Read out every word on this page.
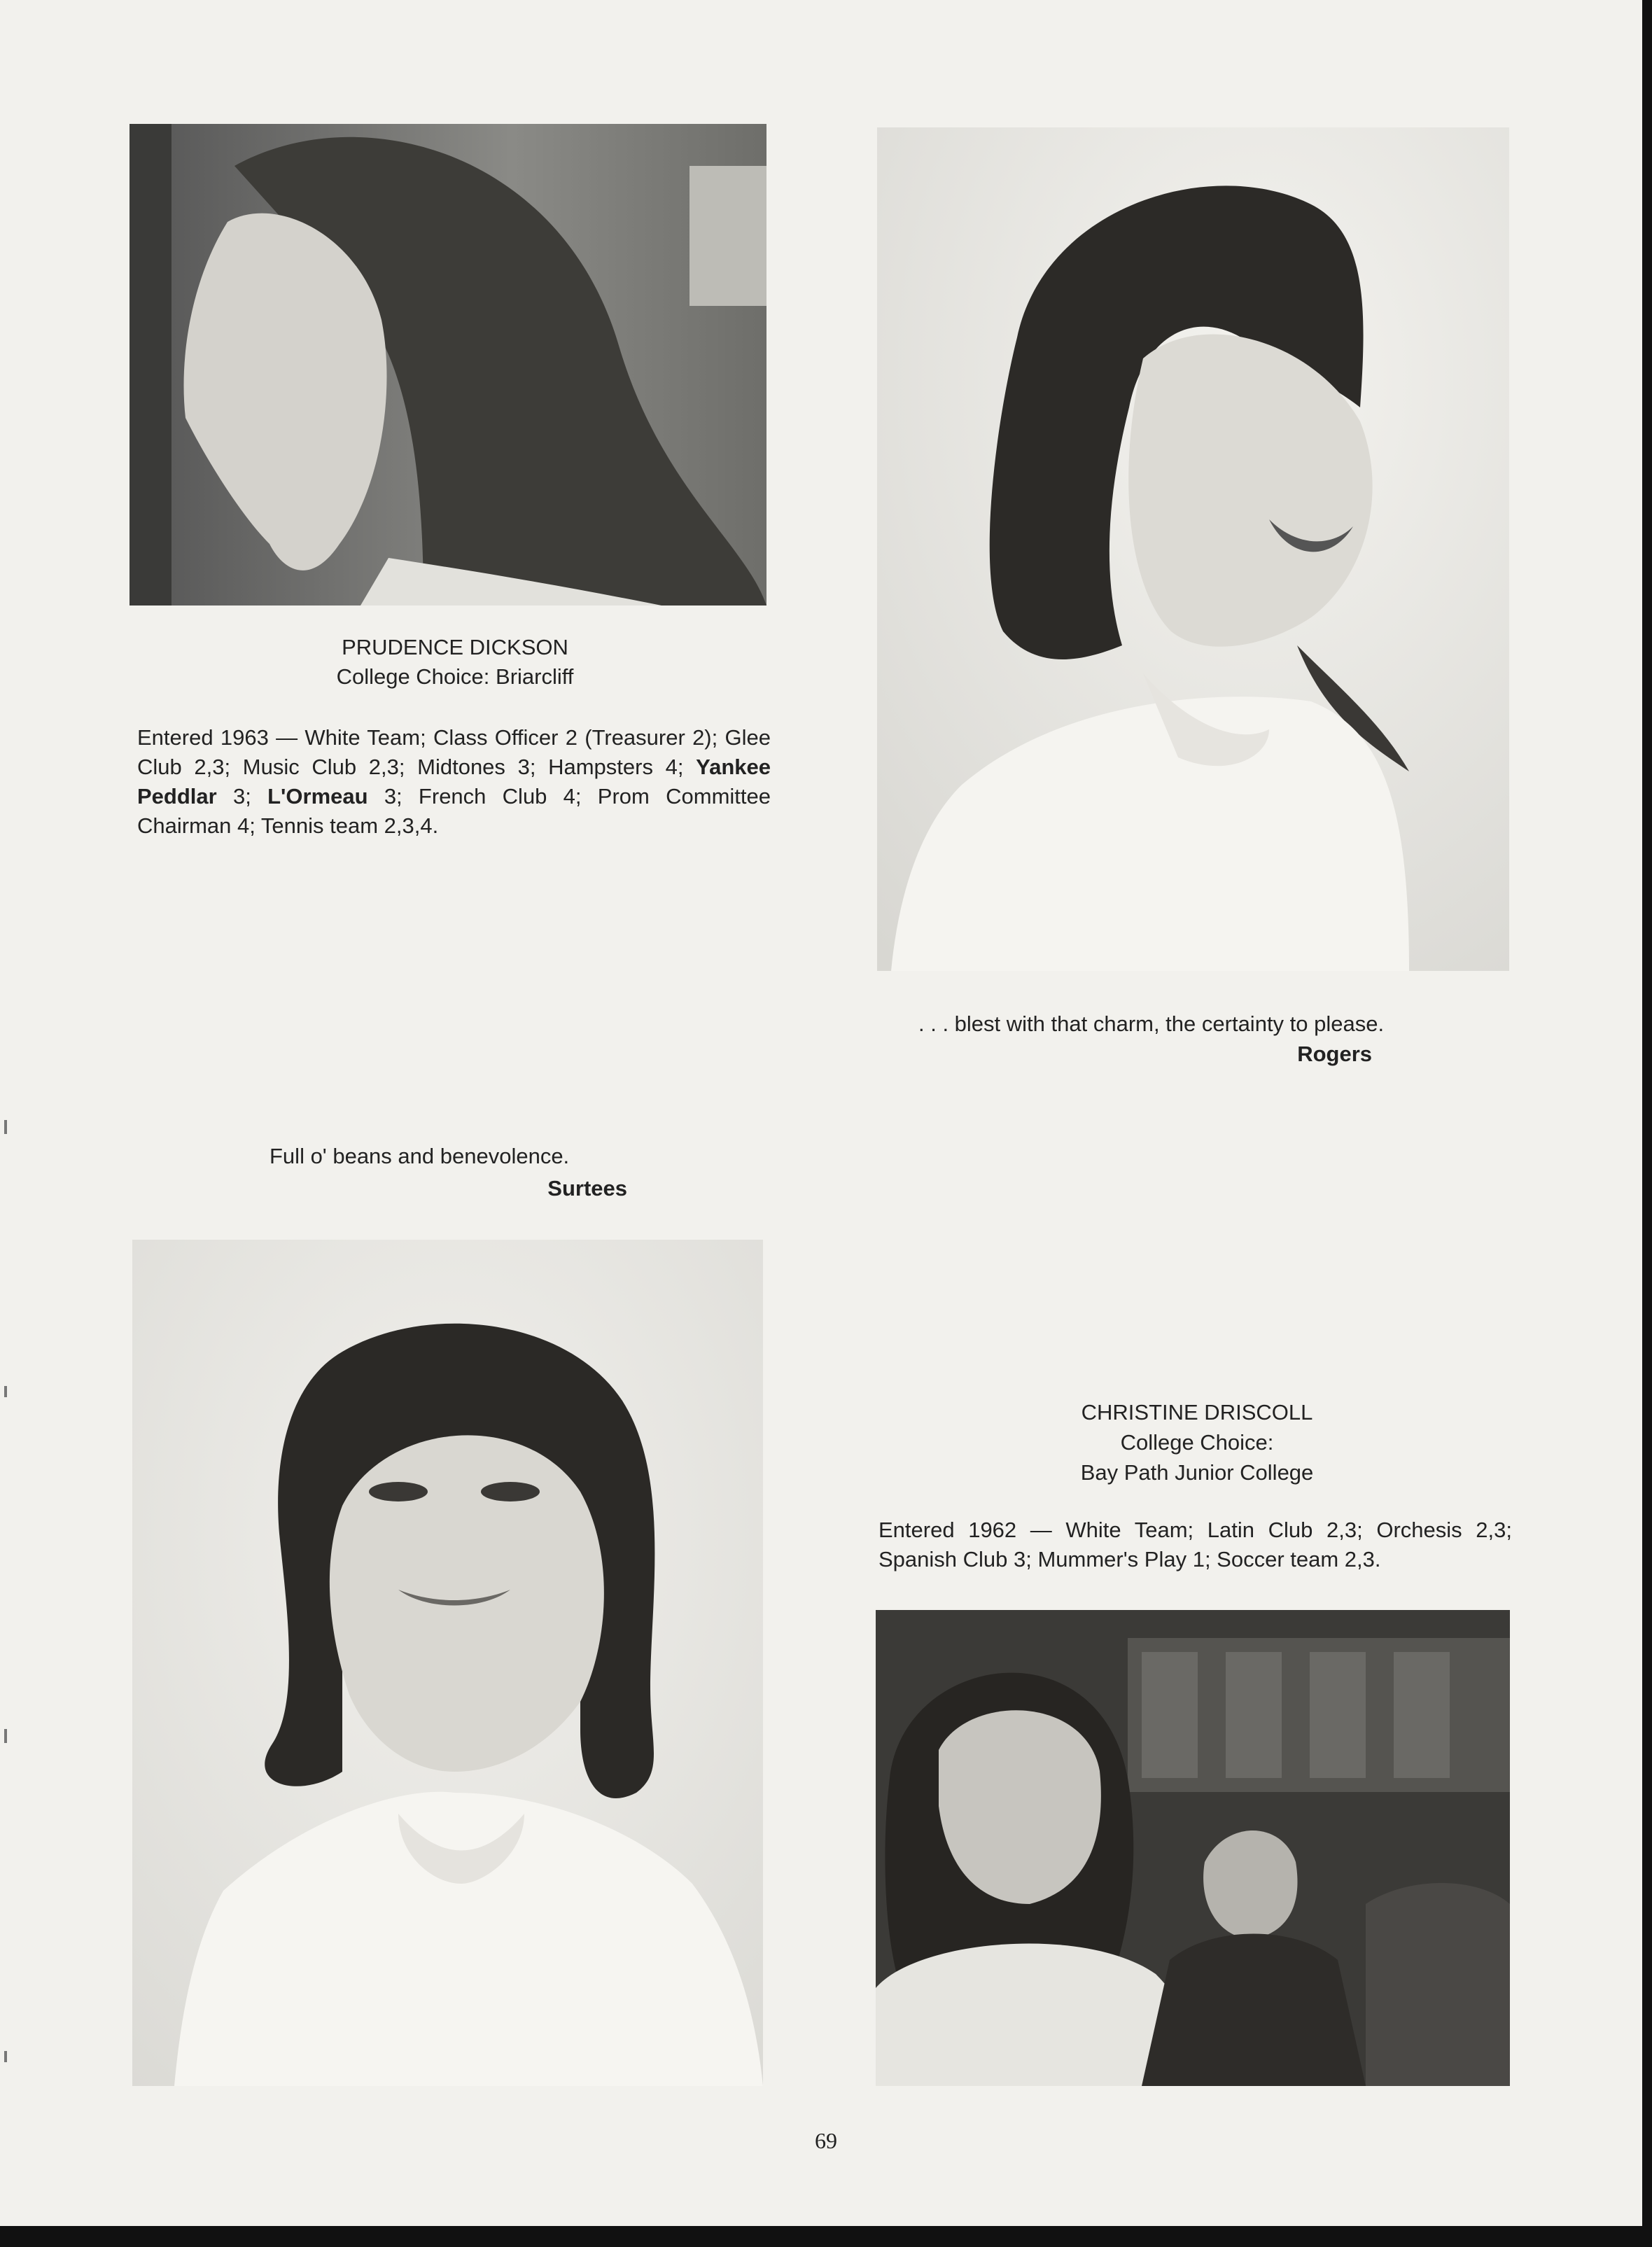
PRUDENCE DICKSON
College Choice: Briarcliff
Entered 1963 — White Team; Class Officer 2 (Treasurer 2); Glee Club 2,3; Music Club 2,3; Midtones 3; Hampsters 4; Yankee Peddlar 3; L'Ormeau 3; French Club 4; Prom Committee Chairman 4; Tennis team 2,3,4.
. . . blest with that charm, the certainty to please.
Rogers
Full o' beans and benevolence.
Surtees
CHRISTINE DRISCOLL
College Choice:
Bay Path Junior College
Entered 1962 — White Team; Latin Club 2,3; Orchesis 2,3; Spanish Club 3; Mummer's Play 1; Soccer team 2,3.
69
